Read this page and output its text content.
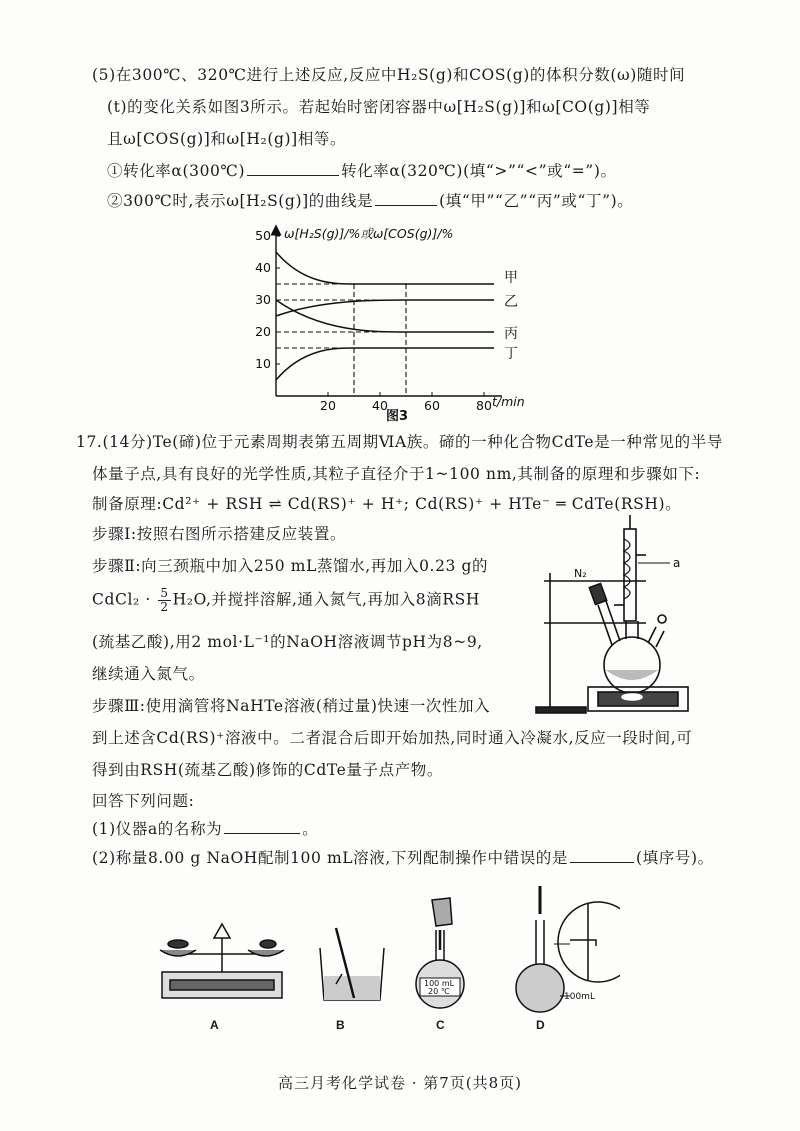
(5)在300℃、320℃进行上述反应,反应中H₂S(g)和COS(g)的体积分数(ω)随时间
(t)的变化关系如图3所示。若起始时密闭容器中ω[H₂S(g)]和ω[CO(g)]相等
且ω[COS(g)]和ω[H₂(g)]相等。
①转化率α(300℃)	转化率α(320℃)(填“>”“<”或“=”)。
②300℃时,表示ω[H₂S(g)]的曲线是	(填“甲”“乙”“丙”或“丁”)。
ω[H₂S(g)]/%或ω[COS(g)]/%
t/min
图3
10
20
30
40
50
20	40	60	80
甲
乙
丙
丁
17.(14分)Te(碲)位于元素周期表第五周期ⅥA族。碲的一种化合物CdTe是一种常见的半导
体量子点,具有良好的光学性质,其粒子直径介于1~100 nm,其制备的原理和步骤如下:
制备原理:Cd²⁺ + RSH ⇌ Cd(RS)⁺ + H⁺; Cd(RS)⁺ + HTe⁻ ═ CdTe(RSH)。
步骤Ⅰ:按照右图所示搭建反应装置。
步骤Ⅱ:向三颈瓶中加入250 mL蒸馏水,再加入0.23 g的
CdCl₂ · $\frac{5}{2} H_2O$,并搅拌溶解,通入氮气,再加入8滴RSH
(巯基乙酸),用2 mol·L⁻¹的NaOH溶液调节pH为8~9,
继续通入氮气。
步骤Ⅲ:使用滴管将NaHTe溶液(稍过量)快速一次性加入
到上述含Cd(RS)⁺溶液中。二者混合后即开始加热,同时通入冷凝水,反应一段时间,可
得到由RSH(巯基乙酸)修饰的CdTe量子点产物。
回答下列问题:
(1)仪器a的名称为	。
(2)称量8.00 g NaOH配制100 mL溶液,下列配制操作中错误的是	(填序号)。
N₂
a
100 mL
20 ℃
100mL
A	B	C	D
高三月考化学试卷 · 第7页(共8页)
